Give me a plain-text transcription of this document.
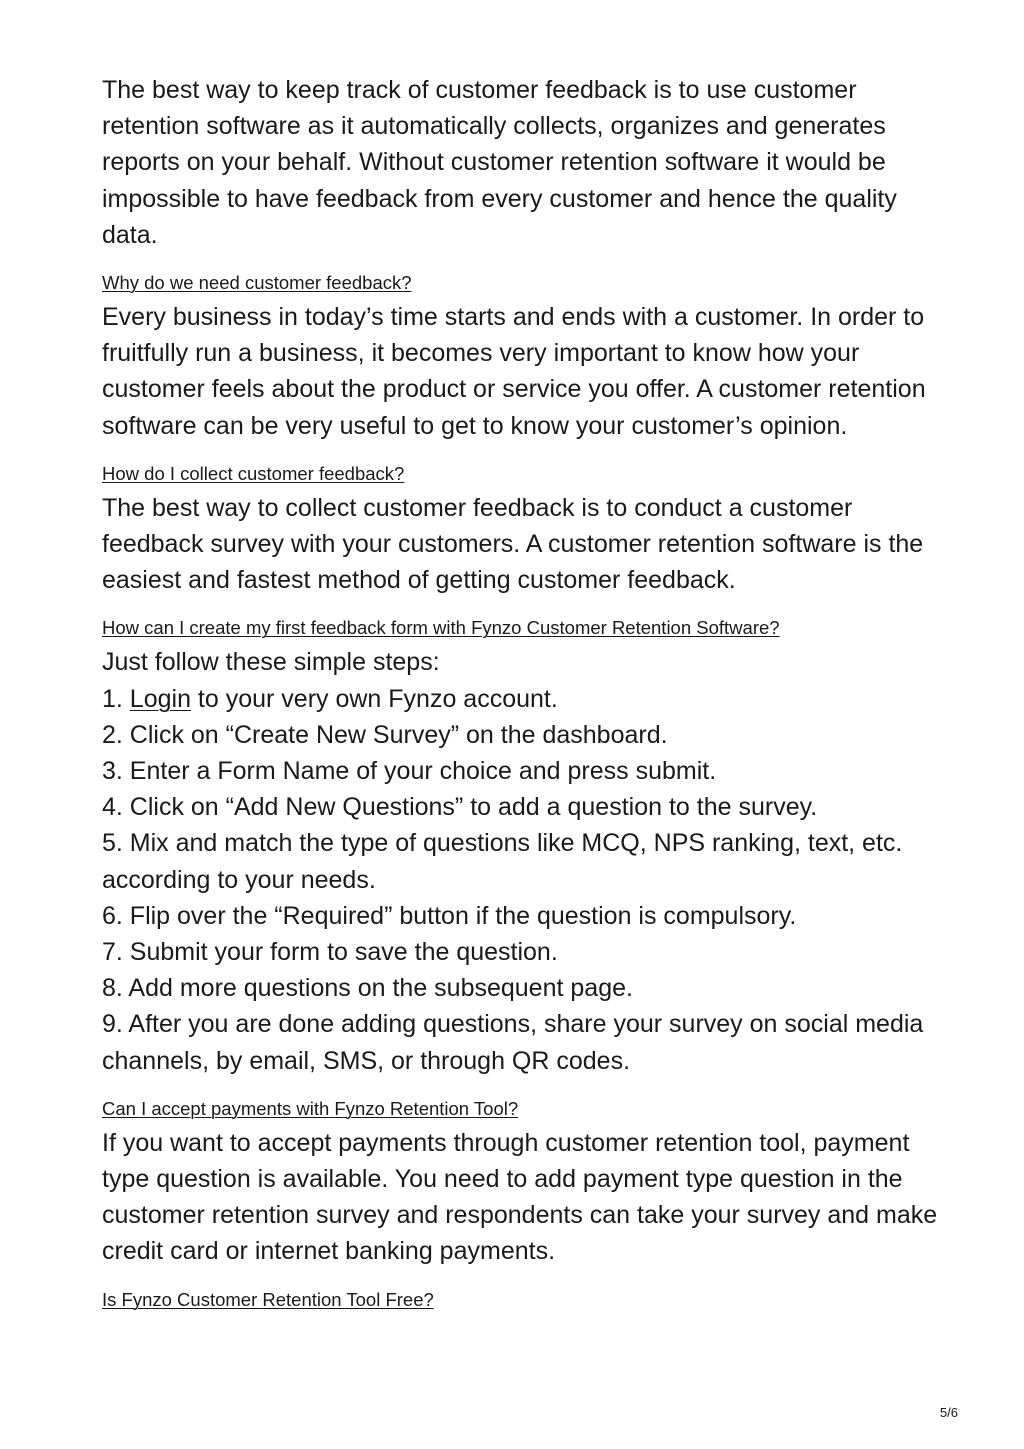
The best way to keep track of customer feedback is to use customer retention software as it automatically collects, organizes and generates reports on your behalf. Without customer retention software it would be impossible to have feedback from every customer and hence the quality data.

Why do we need customer feedback?

Every business in today’s time starts and ends with a customer. In order to fruitfully run a business, it becomes very important to know how your customer feels about the product or service you offer. A customer retention software can be very useful to get to know your customer’s opinion.

How do I collect customer feedback?

The best way to collect customer feedback is to conduct a customer feedback survey with your customers. A customer retention software is the easiest and fastest method of getting customer feedback.

How can I create my first feedback form with Fynzo Customer Retention Software?

Just follow these simple steps:

1. Login to your very own Fynzo account.
2. Click on “Create New Survey” on the dashboard.
3. Enter a Form Name of your choice and press submit.
4. Click on “Add New Questions” to add a question to the survey.
5. Mix and match the type of questions like MCQ, NPS ranking, text, etc. according to your needs.
6. Flip over the “Required” button if the question is compulsory.
7. Submit your form to save the question.
8. Add more questions on the subsequent page.
9. After you are done adding questions, share your survey on social media channels, by email, SMS, or through QR codes.
Can I accept payments with Fynzo Retention Tool?

If you want to accept payments through customer retention tool, payment type question is available. You need to add payment type question in the customer retention survey and respondents can take your survey and make credit card or internet banking payments.

Is Fynzo Customer Retention Tool Free?
5/6
